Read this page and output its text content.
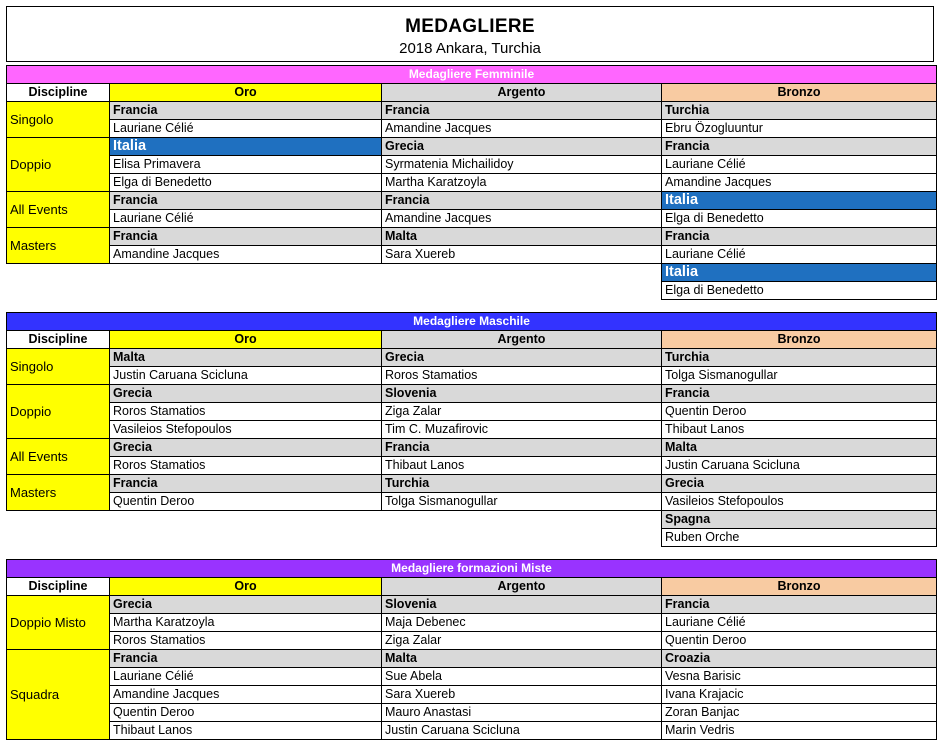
MEDAGLIERE
2018 Ankara, Turchia
Medagliere Femminile			
Discipline	Oro	Argento	Bronzo
Singolo	Francia	Francia	Turchia
	Lauriane Célié	Amandine Jacques	Ebru Özogluuntur
Doppio	Italia	Grecia	Francia
	Elisa Primavera	Syrmatenia Michailidoy	Lauriane Célié
	Elga di Benedetto	Martha Karatzoyla	Amandine Jacques
All Events	Francia	Francia	Italia
	Lauriane Célié	Amandine Jacques	Elga di Benedetto
Masters	Francia	Malta	Francia
	Amandine Jacques	Sara Xuereb	Lauriane Célié
			Italia
			Elga di Benedetto
Medagliere Maschile			
Discipline	Oro	Argento	Bronzo
Singolo	Malta	Grecia	Turchia
	Justin Caruana Scicluna	Roros Stamatios	Tolga Sismanogullar
Doppio	Grecia	Slovenia	Francia
	Roros Stamatios	Ziga Zalar	Quentin Deroo
	Vasileios Stefopoulos	Tim C. Muzafirovic	Thibaut Lanos
All Events	Grecia	Francia	Malta
	Roros Stamatios	Thibaut Lanos	Justin Caruana Scicluna
Masters	Francia	Turchia	Grecia
	Quentin Deroo	Tolga Sismanogullar	Vasileios Stefopoulos
			Spagna
			Ruben Orche
Medagliere formazioni Miste			
Discipline	Oro	Argento	Bronzo
Doppio Misto	Grecia	Slovenia	Francia
	Martha Karatzoyla	Maja Debenec	Lauriane Célié
	Roros Stamatios	Ziga Zalar	Quentin Deroo
Squadra	Francia	Malta	Croazia
	Lauriane Célié	Sue Abela	Vesna Barisic
	Amandine Jacques	Sara Xuereb	Ivana Krajacic
	Quentin Deroo	Mauro Anastasi	Zoran Banjac
	Thibaut Lanos	Justin Caruana Scicluna	Marin Vedris
